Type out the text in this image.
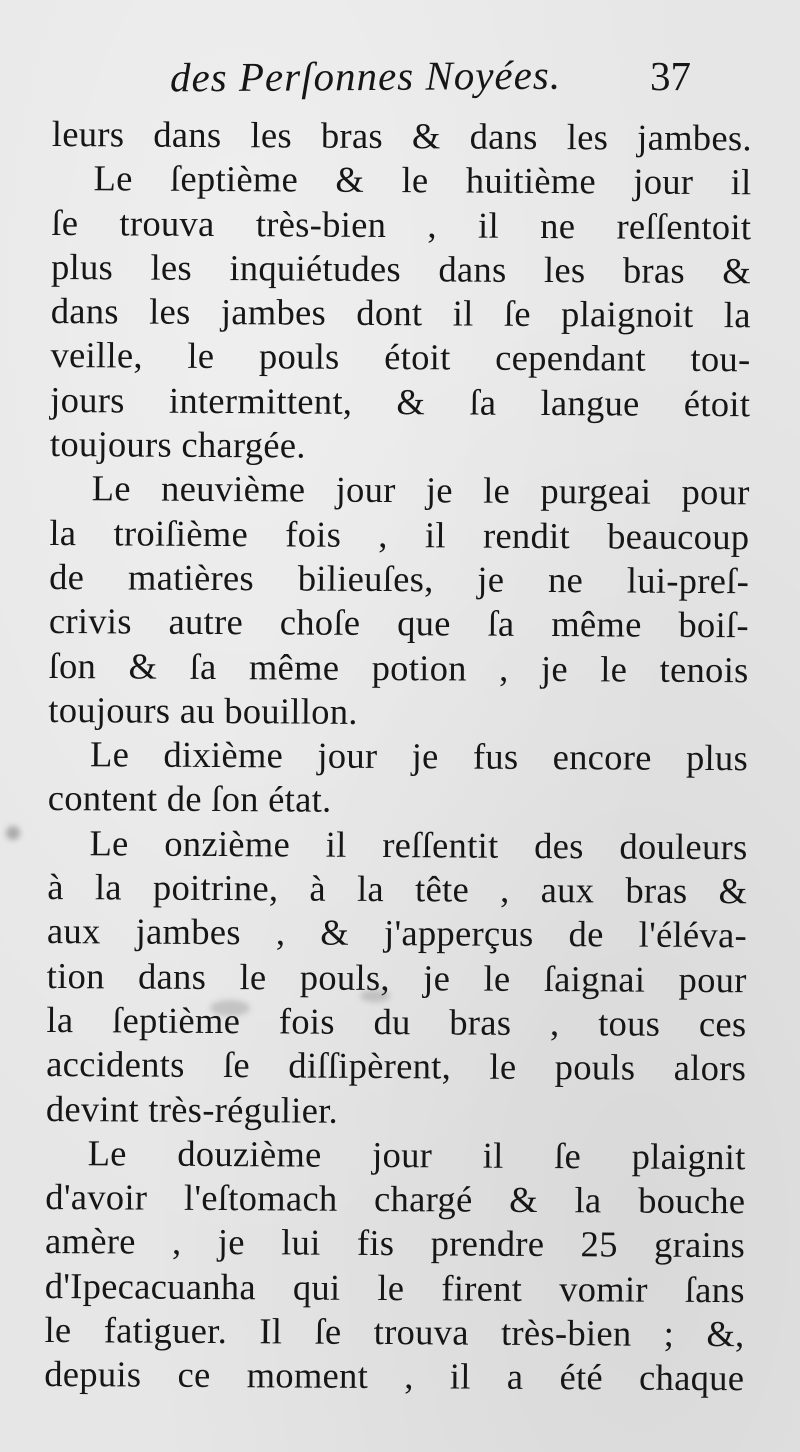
des Perſonnes Noyées. 37
leurs dans les bras & dans les jambes.
Le ſeptième & le huitième jour il
ſe trouva très-bien , il ne reſſentoit
plus les inquiétudes dans les bras &
dans les jambes dont il ſe plaignoit la
veille, le pouls étoit cependant tou-
jours intermittent, & ſa langue étoit
toujours chargée.
Le neuvième jour je le purgeai pour
la troiſième fois , il rendit beaucoup
de matières bilieuſes, je ne lui-preſ-
crivis autre choſe que ſa même boiſ-
ſon & ſa même potion , je le tenois
toujours au bouillon.
Le dixième jour je fus encore plus
content de ſon état.
Le onzième il reſſentit des douleurs
à la poitrine, à la tête , aux bras &
aux jambes , & j'apperçus de l'éléva-
tion dans le pouls, je le ſaignai pour
la ſeptième fois du bras , tous ces
accidents ſe diſſipèrent, le pouls alors
devint très-régulier.
Le douzième jour il ſe plaignit
d'avoir l'eſtomach chargé & la bouche
amère , je lui fis prendre 25 grains
d'Ipecacuanha qui le firent vomir ſans
le fatiguer. Il ſe trouva très-bien ; &,
depuis ce moment , il a été chaque
